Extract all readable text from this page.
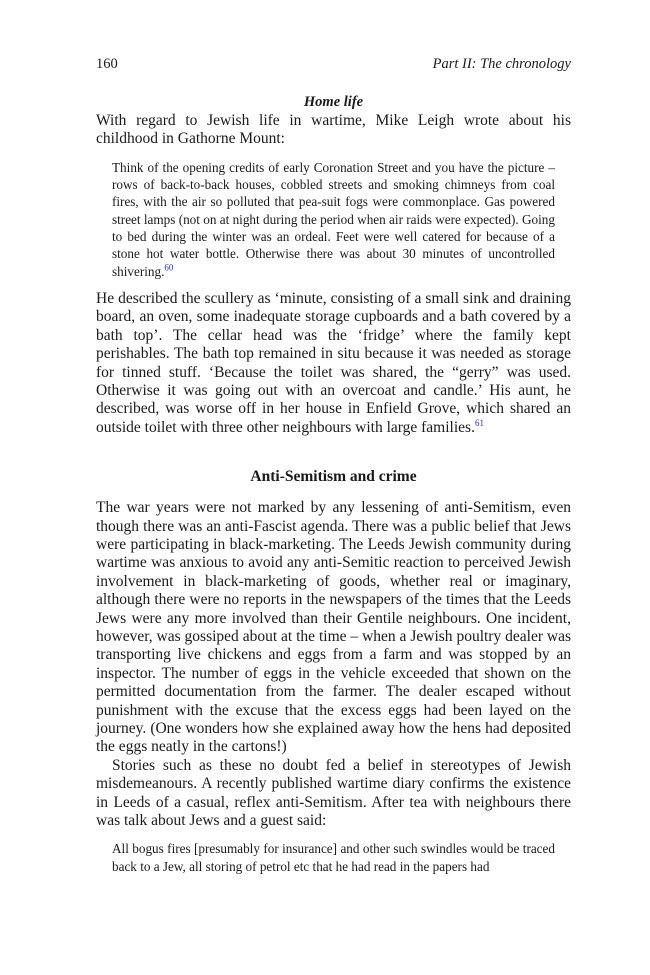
160	Part II: The chronology
Home life

With regard to Jewish life in wartime, Mike Leigh wrote about his childhood in Gathorne Mount:

Think of the opening credits of early Coronation Street and you have the picture – rows of back-to-back houses, cobbled streets and smoking chimneys from coal fires, with the air so polluted that pea-suit fogs were commonplace. Gas powered street lamps (not on at night during the period when air raids were expected). Going to bed during the winter was an ordeal. Feet were well catered for because of a stone hot water bottle. Otherwise there was about 30 minutes of uncontrolled shivering.$^{60}$

He described the scullery as ‘minute, consisting of a small sink and draining board, an oven, some inadequate storage cupboards and a bath covered by a bath top’. The cellar head was the ‘fridge’ where the family kept perishables. The bath top remained in situ because it was needed as storage for tinned stuff. ‘Because the toilet was shared, the “gerry” was used. Otherwise it was going out with an overcoat and candle.’ His aunt, he described, was worse off in her house in Enfield Grove, which shared an outside toilet with three other neighbours with large families.$^{61}$

Anti-Semitism and crime

The war years were not marked by any lessening of anti-Semitism, even though there was an anti-Fascist agenda. There was a public belief that Jews were participating in black-marketing. The Leeds Jewish community during wartime was anxious to avoid any anti-Semitic reaction to perceived Jewish involvement in black-marketing of goods, whether real or imaginary, although there were no reports in the newspapers of the times that the Leeds Jews were any more involved than their Gentile neighbours. One incident, however, was gossiped about at the time – when a Jewish poultry dealer was transporting live chickens and eggs from a farm and was stopped by an inspector. The number of eggs in the vehicle exceeded that shown on the permitted documentation from the farmer. The dealer escaped without punishment with the excuse that the excess eggs had been layed on the journey. (One wonders how she explained away how the hens had deposited the eggs neatly in the cartons!)

Stories such as these no doubt fed a belief in stereotypes of Jewish misdemeanours. A recently published wartime diary confirms the existence in Leeds of a casual, reflex anti-Semitism. After tea with neighbours there was talk about Jews and a guest said:

All bogus fires [presumably for insurance] and other such swindles would be traced back to a Jew, all storing of petrol etc that he had read in the papers had
